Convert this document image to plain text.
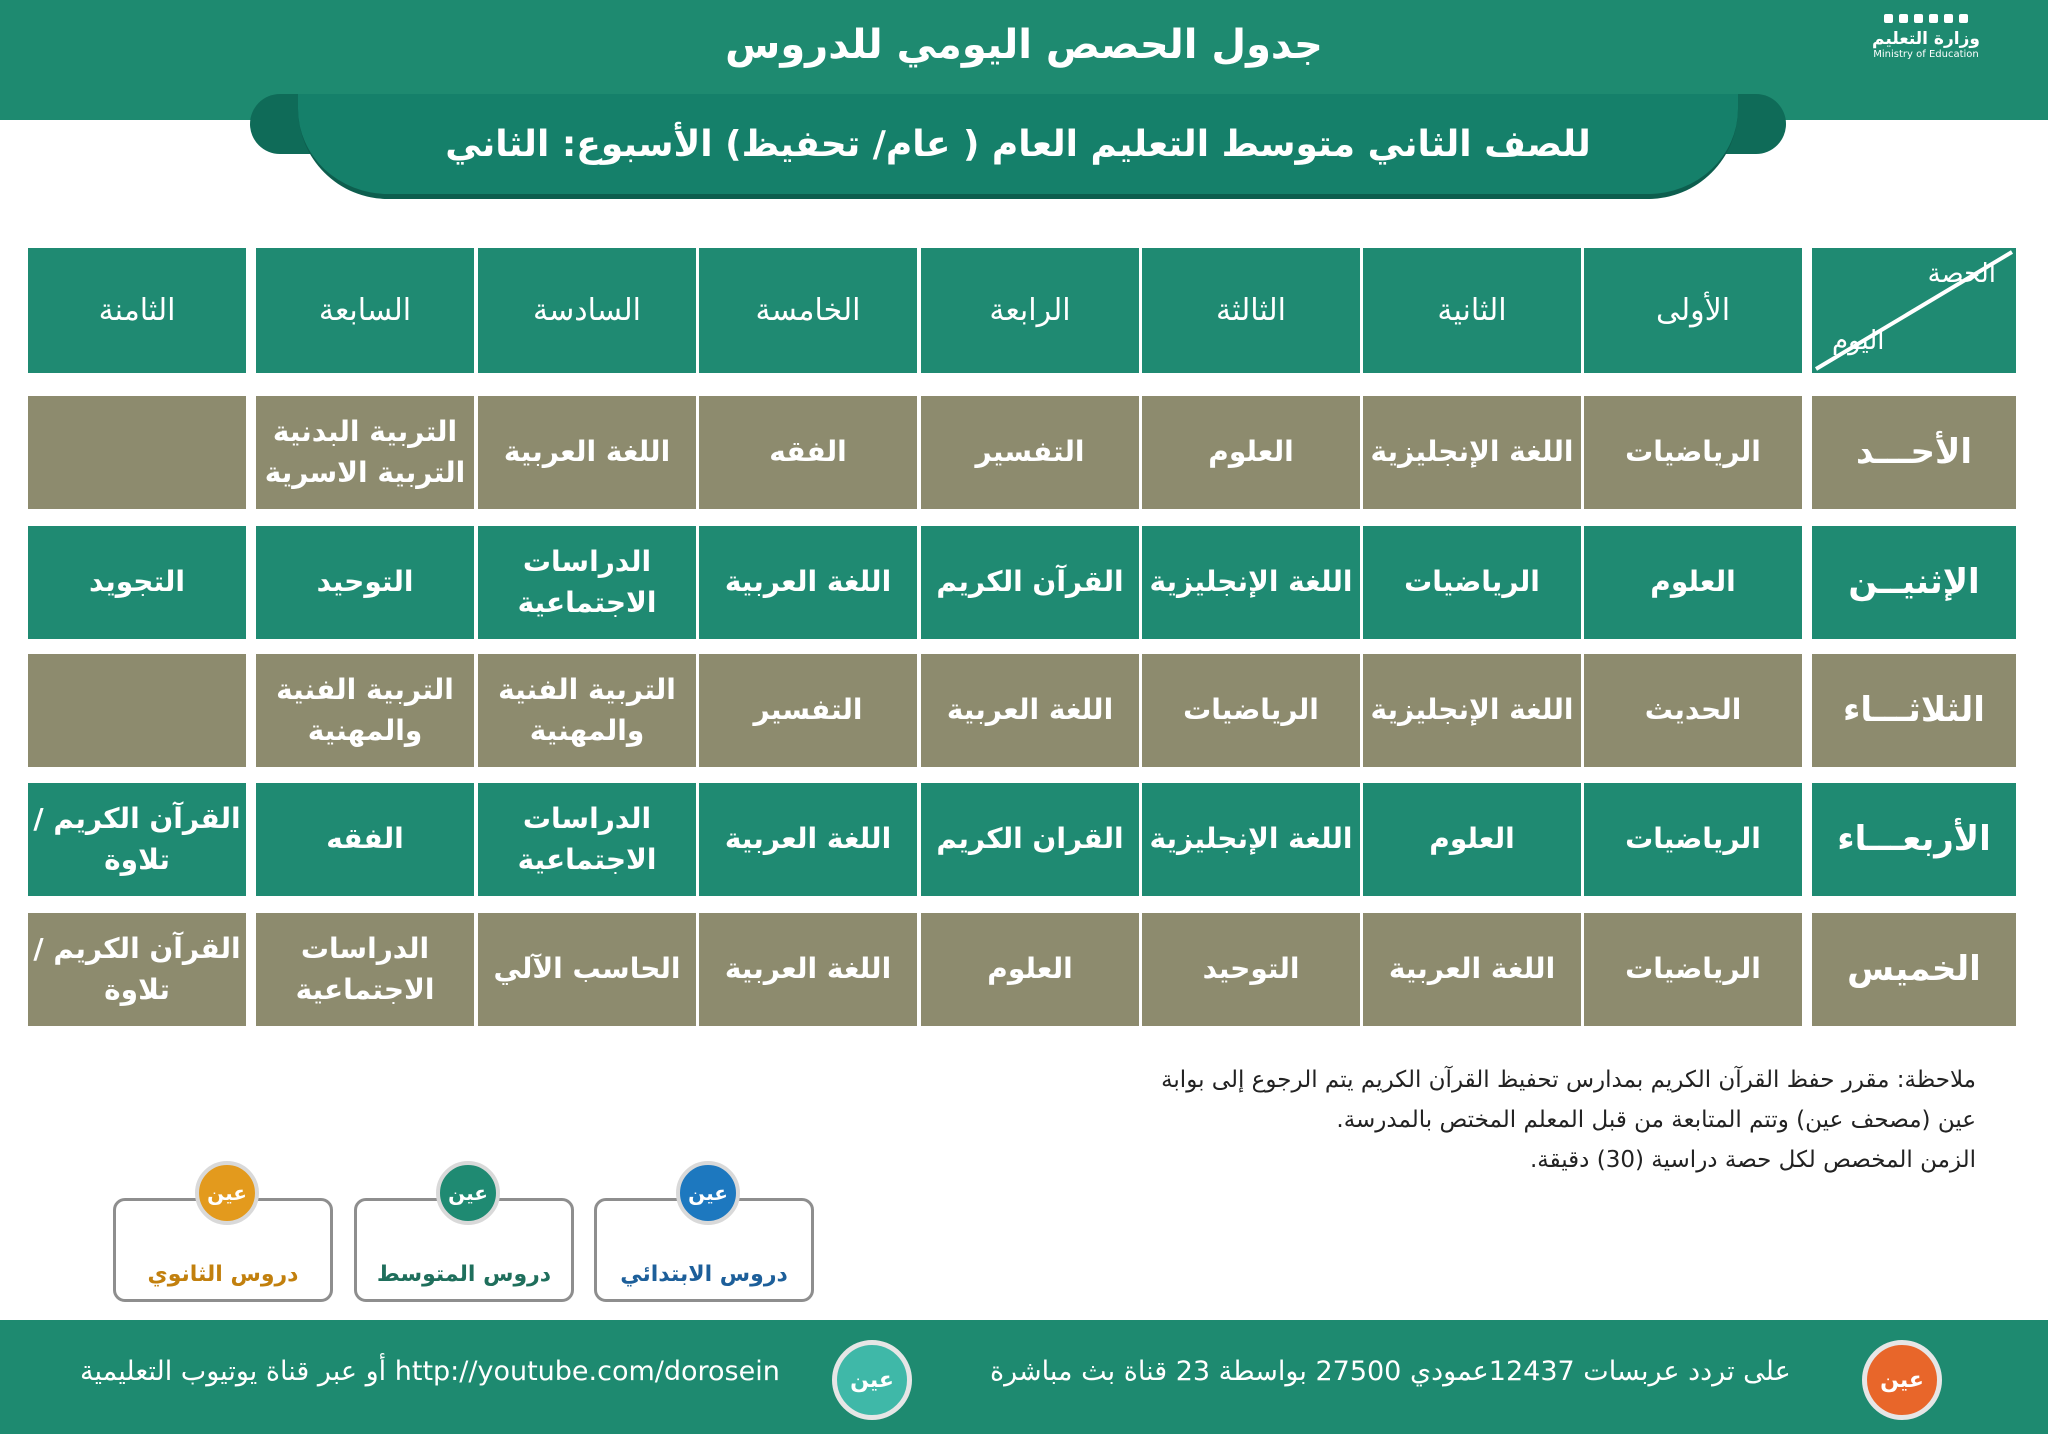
جدول الحصص اليومي للدروس	وزارة التعليم
Ministry of Education
للصف الثاني متوسط التعليم العام ( عام/ تحفيظ) الأسبوع: الثاني
الحصة
اليوم
الأولى
الثانية
الثالثة
الرابعة
الخامسة
السادسة
السابعة
الثامنة
الأحـــد
الرياضيات
اللغة الإنجليزية
العلوم
التفسير
الفقه
اللغة العربية
التربية البدنية
التربية الاسرية
الإثنيــن
العلوم
الرياضيات
اللغة الإنجليزية
القرآن الكريم
اللغة العربية
الدراسات
الاجتماعية
التوحيد
التجويد
الثلاثـــاء
الحديث
اللغة الإنجليزية
الرياضيات
اللغة العربية
التفسير
التربية الفنية
والمهنية
التربية الفنية
والمهنية
الأربعـــاء
الرياضيات
العلوم
اللغة الإنجليزية
القران الكريم
اللغة العربية
الدراسات
الاجتماعية
الفقه
القرآن الكريم /
تلاوة
الخميس
الرياضيات
اللغة العربية
التوحيد
العلوم
اللغة العربية
الحاسب الآلي
الدراسات
الاجتماعية
القرآن الكريم /
تلاوة
ملاحظة: مقرر حفظ القرآن الكريم بمدارس تحفيظ القرآن الكريم يتم الرجوع إلى بوابة
عين (مصحف عين) وتتم المتابعة من قبل المعلم المختص بالمدرسة.
الزمن المخصص لكل حصة دراسية (30) دقيقة.
عين
دروس الابتدائي
عين
دروس المتوسط
عين
دروس الثانوي
عين
http://youtube.com/dorosein أو عبر قناة يوتيوب التعليمية	عين
على تردد عربسات 12437عمودي 27500 بواسطة 23 قناة بث مباشرة
